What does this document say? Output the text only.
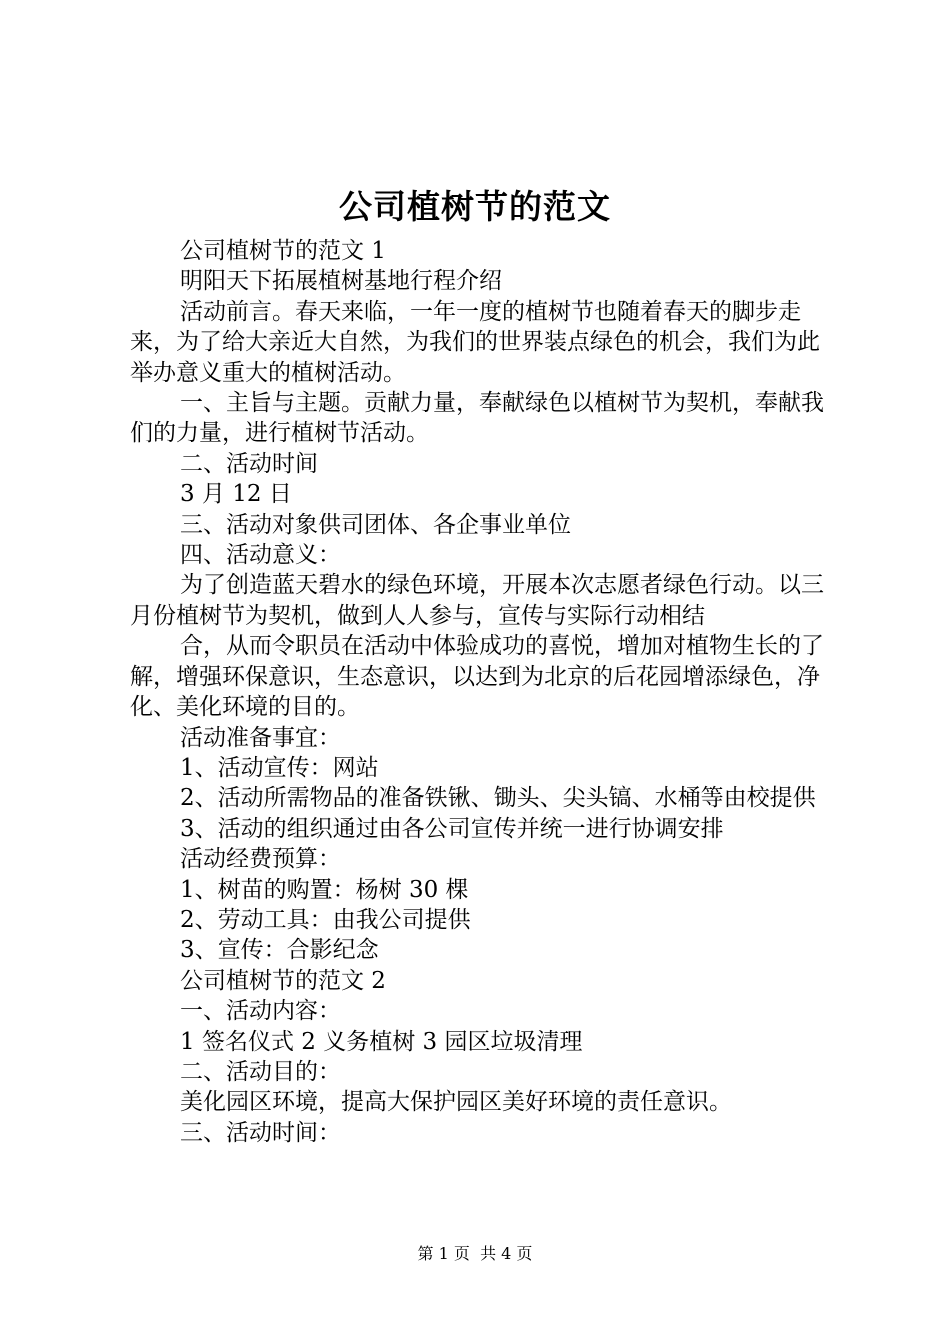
公司植树节的范文

公司植树节的范文 1

明阳天下拓展植树基地行程介绍

活动前言。春天来临，一年一度的植树节也随着春天的脚步走来，为了给大亲近大自然，为我们的世界装点绿色的机会，我们为此举办意义重大的植树活动。

一、主旨与主题。贡献力量，奉献绿色以植树节为契机，奉献我们的力量，进行植树节活动。

二、活动时间

3 月 12 日

三、活动对象供司团体、各企事业单位

四、活动意义：

为了创造蓝天碧水的绿色环境，开展本次志愿者绿色行动。以三月份植树节为契机，做到人人参与，宣传与实际行动相结

合，从而令职员在活动中体验成功的喜悦，增加对植物生长的了解，增强环保意识，生态意识，以达到为北京的后花园增添绿色，净化、美化环境的目的。

活动准备事宜：

1、活动宣传：网站

2、活动所需物品的准备铁锹、锄头、尖头镐、水桶等由校提供

3、活动的组织通过由各公司宣传并统一进行协调安排

活动经费预算：

1、树苗的购置：杨树 30 棵

2、劳动工具：由我公司提供

3、宣传：合影纪念

公司植树节的范文 2

一、活动内容：

1 签名仪式 2 义务植树 3 园区垃圾清理

二、活动目的：

美化园区环境，提高大保护园区美好环境的责任意识。

三、活动时间：

第 1 页 共 4 页
